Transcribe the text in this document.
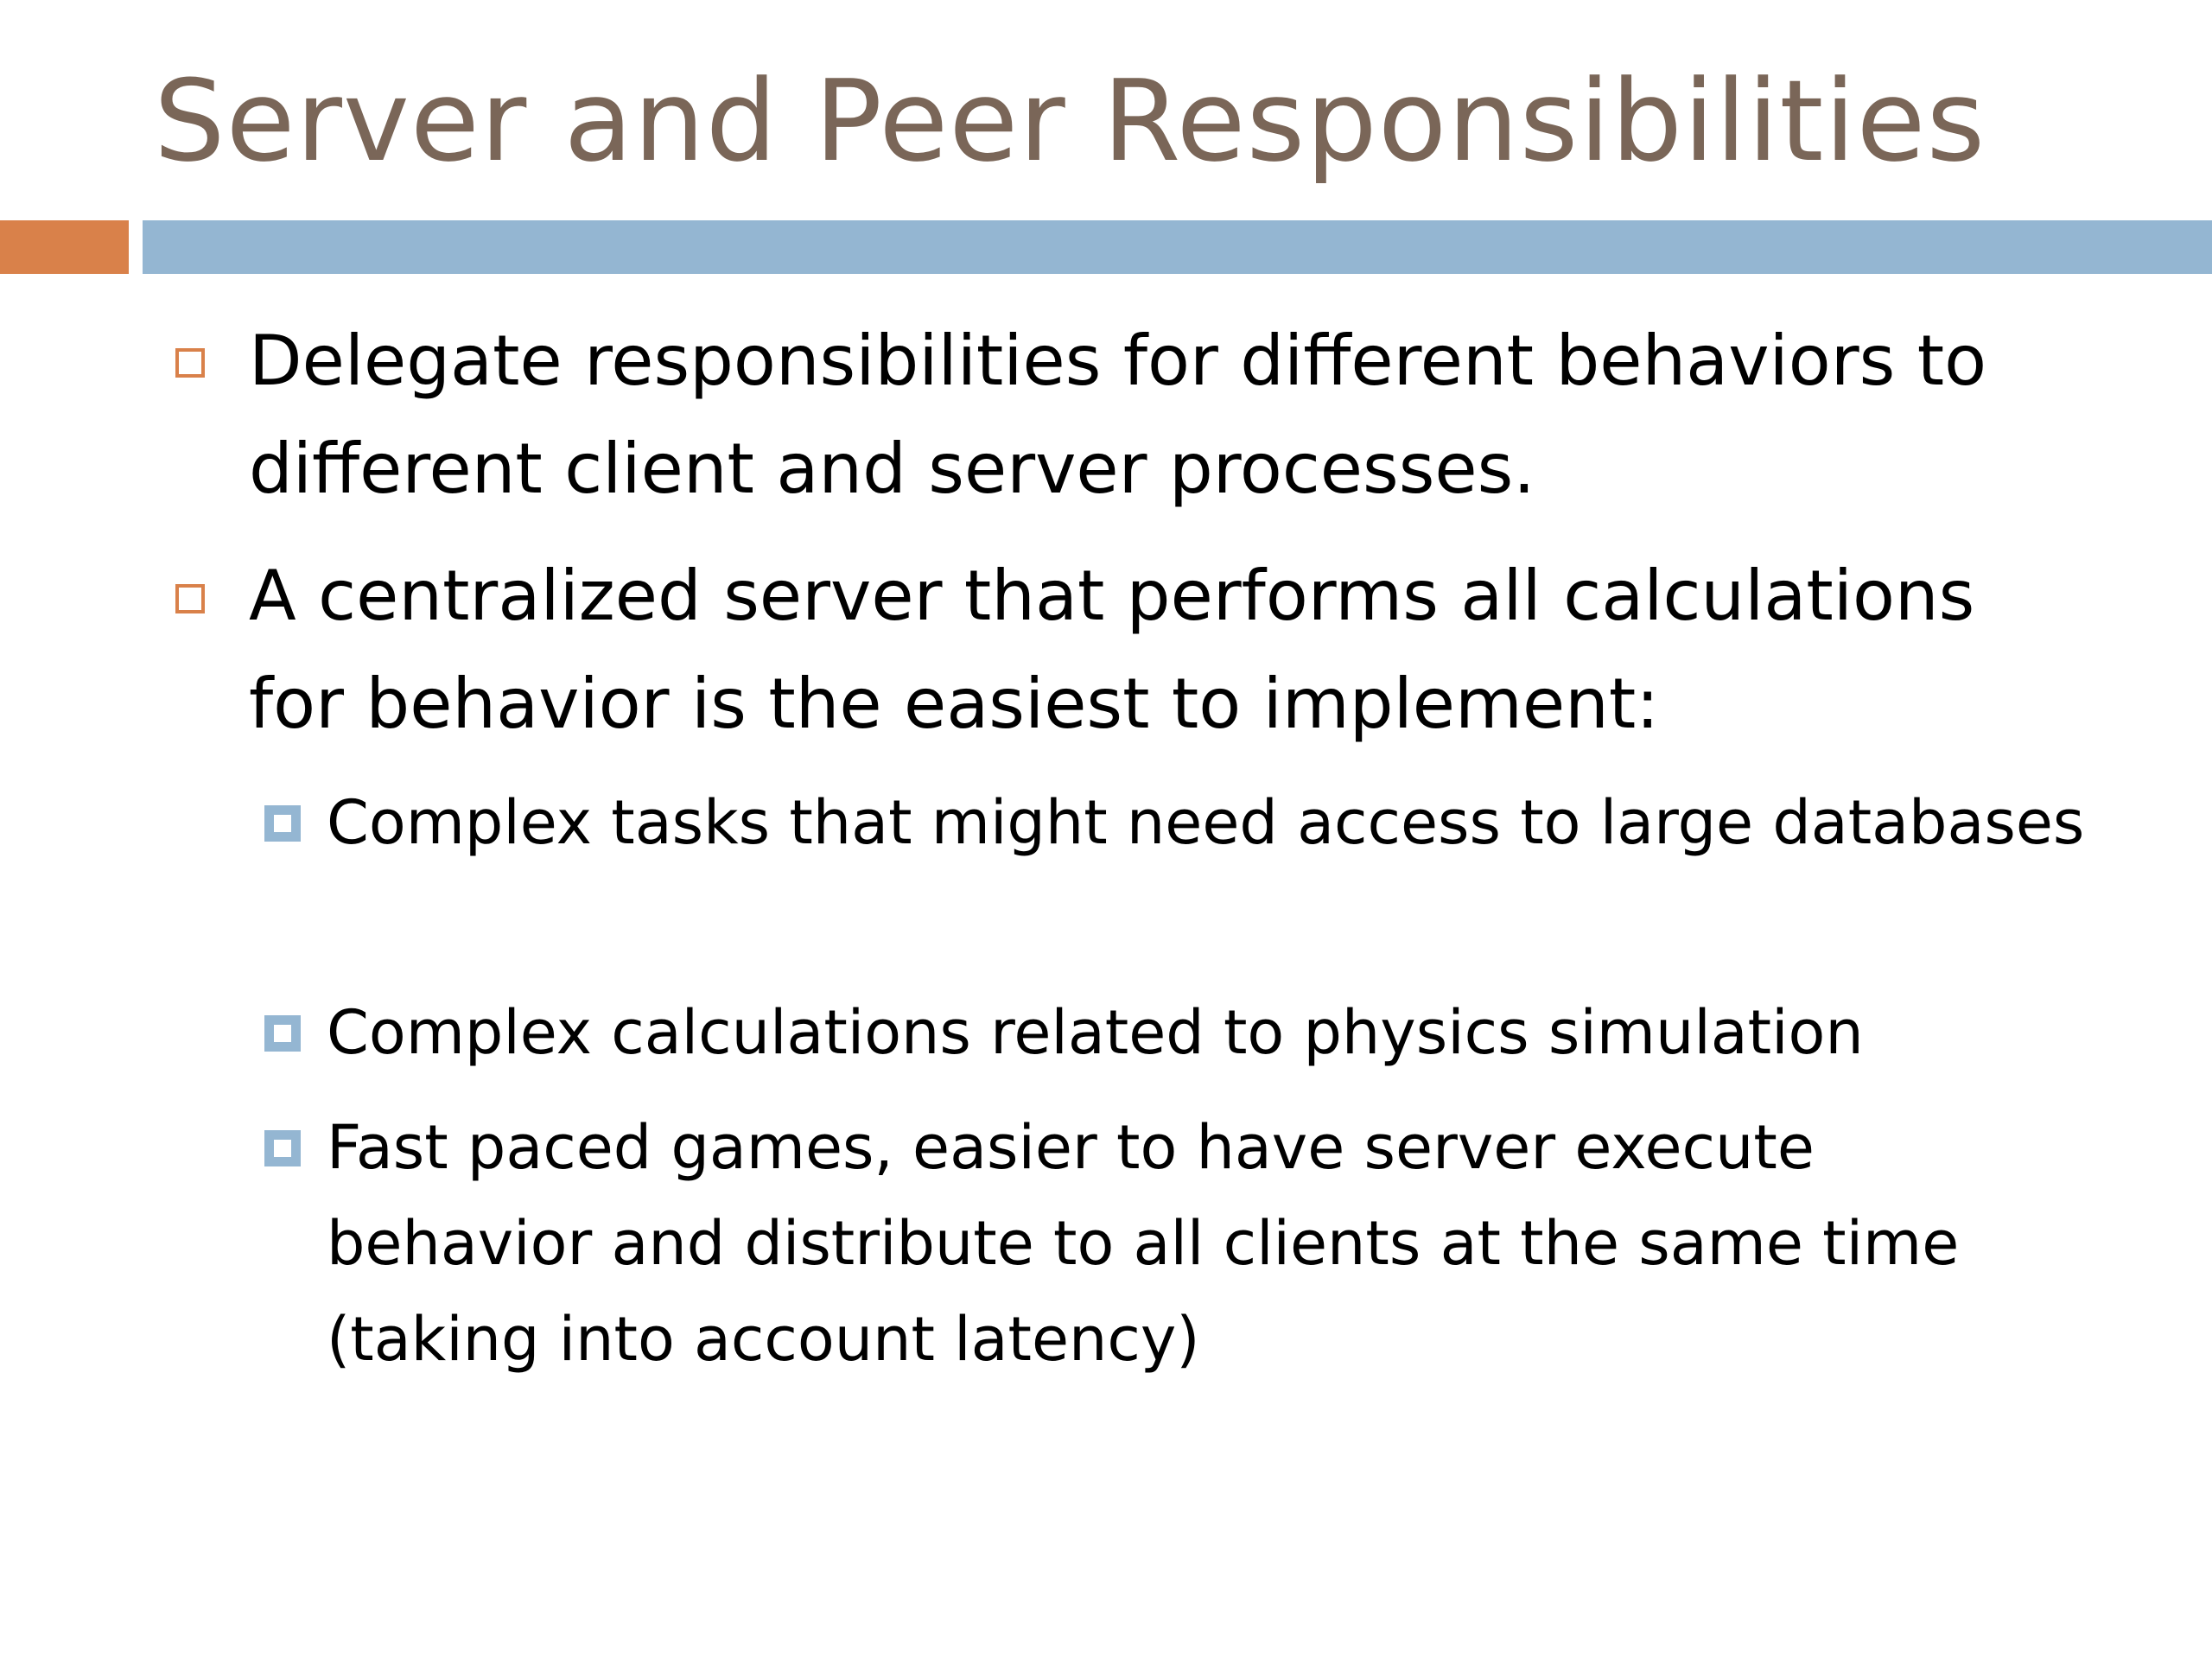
Server and Peer Responsibilities
Delegate responsibilities for different behaviors to different client and server processes.
A centralized server that performs all calculations for behavior is the easiest to implement:
Complex tasks that might need access to large databases
Complex calculations related to physics simulation
Fast paced games, easier to have server execute behavior and distribute to all clients at the same time (taking into account latency)
